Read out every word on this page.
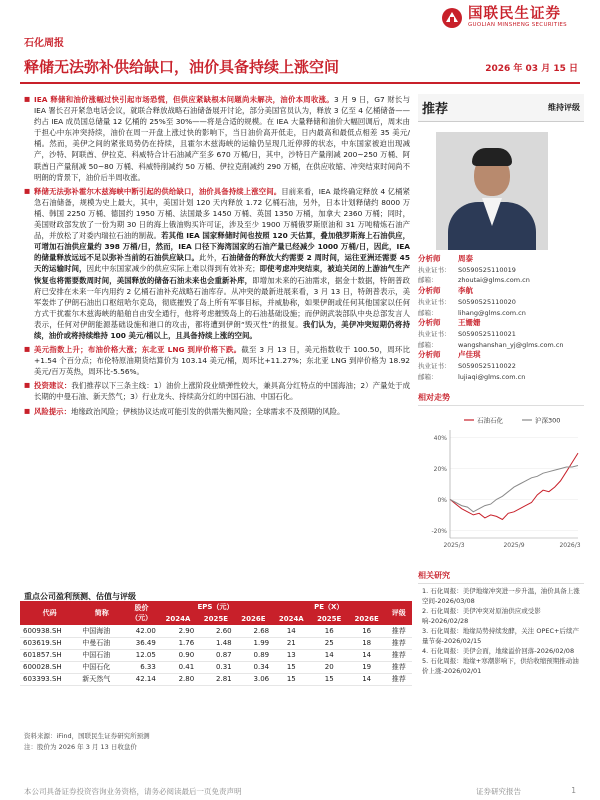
国联民生证券
GUOLIAN MINSHENG SECURITIES
石化周报
释储无法弥补供给缺口，油价具备持续上涨空间	2026 年 03 月 15 日

■ IEA 释储和油价涨幅过快引起市场恐慌，但供应紧缺根本问题尚未解决，油价本周收涨。3 月 9 日，G7 财长与 IEA 署长召开紧急电话会议，就联合释放战略石油储备展开讨论，部分美国官员认为，释放 3 亿至 4 亿桶储备——约占 IEA 成员国总储量 12 亿桶的 25%至 30%——将是合适的规模。在 IEA 大量释储和油价大幅回调后，周末由于担心中东冲突持续，油价在周一开盘上涨过快的影响下，当日油价高开低走，日内最高和最低点相差 35 美元/桶。然而，美伊之间的紧张局势仍在持续，且霍尔木兹海峡的运输仍呈现几近停滞的状态，中东国家被迫出现减产，沙特、阿联酋、伊拉克、科威特合计石油减产至多 670 万桶/日，其中，沙特日产量削减 200~250 万桶、阿联酋日产量削减 50~80 万桶、科威特削减约 50 万桶、伊拉克削减约 290 万桶，在供应收缩、冲突结束时间尚不明朗的背景下，油价后半周收涨。

■ 释储无法弥补霍尔木兹海峡中断引起的供给缺口，油价具备持续上涨空间。目前来看，IEA 最终确定释放 4 亿桶紧急石油储备，规模为史上最大，其中，美国计划 120 天内释放 1.72 亿桶石油，另外，日本计划释储约 8000 万桶、韩国 2250 万桶、德国约 1950 万桶、法国最多 1450 万桶、英国 1350 万桶，加拿大 2360 万桶；同时，美国财政部发放了一份为期 30 日的海上俄油购买许可证，涉及至少 1900 万桶俄罗斯原油和 31 万吨精炼石油产品，并放松了对委内瑞拉石油的制裁。若其他 IEA 国家释储时间也按照 120 天估算，叠加俄罗斯海上石油供应，可增加石油供应量约 398 万桶/日，然而，IEA 口径下海湾国家的石油产量已经减少 1000 万桶/日，因此，IEA 的储量释放远远不足以弥补当前的石油供应缺口。此外，石油储备的释放大约需要 2 周时间，运往亚洲还需要 45 天的运输时间，因此中东国家减少的供应实际上难以得到有效补充；即使考虑冲突结束，被迫关闭的上游油气生产恢复也将需要数周时间，美国释放的储备石油未来也会重新补库，即增加未来的石油需求，据金十数据，特朗普政府已安排在未来一年内用约 2 亿桶石油补充战略石油库存。从冲突的最新进展来看，3 月 13 日，特朗普表示，美军轰炸了伊朗石油出口枢纽哈尔克岛，彻底摧毁了岛上所有军事目标，并威胁称，如果伊朗或任何其他国家以任何方式干扰霍尔木兹海峡的船舶自由安全通行，他将考虑摧毁岛上的石油基础设施；而伊朗武装部队中央总部发言人表示，任何对伊朗能源基础设施和港口的攻击，都将遭到伊朗“毁灭性”的报复。我们认为，美伊冲突短期仍将持续，油价或将持续维持 100 美元/桶以上，且具备持续上涨的空间。

■ 美元指数上升；布油价格大涨；东北亚 LNG 到岸价格下跌。截至 3 月 13 日，美元指数收于 100.50，周环比+1.54 个百分点；布伦特原油期货结算价为 103.14 美元/桶，周环比+11.27%；东北亚 LNG 到岸价格为 18.92 美元/百万英热，周环比-5.56%。

■ 投资建议：我们推荐以下三条主线：1）油价上涨阶段业绩弹性较大，兼具高分红特点的中国海油；2）产量处于成长期的中曼石油、新天然气；3）行业龙头、持续高分红的中国石油、中国石化。

■ 风险提示：地缘政治风险；伊核协议达成可能引发的供需失衡风险；全球需求不及预期的风险。

重点公司盈利预测、估值与评级
代码	简称	股价
（元）	EPS（元）			PE（X）			评级
			2024A	2025E	2026E	2024A	2025E	2026E	
600938.SH	中国海油	42.00	2.90	2.60	2.68	14	16	16	推荐
603619.SH	中曼石油	36.49	1.76	1.48	1.99	21	25	18	推荐
601857.SH	中国石油	12.05	0.90	0.87	0.89	13	14	14	推荐
600028.SH	中国石化	6.33	0.41	0.31	0.34	15	20	19	推荐
603393.SH	新天然气	42.14	2.80	2.81	3.06	15	15	14	推荐
资料来源：iFind，国联民生证券研究所预测
注：股价为 2026 年 3 月 13 日收盘价
推荐	维持评级
分析师	周泰
执业证书：	S0590525110019
邮箱：	zhoutai@glms.com.cn
分析师	李航
执业证书：	S0590525110020
邮箱：	lihang@glms.com.cn
分析师	王姗姗
执业证书：	S0590525110021
邮箱：	wangshanshan_yj@glms.com.cn
分析师	卢佳琪
执业证书：	S0590525110022
邮箱：	lujiaqi@glms.com.cn
相对走势
40%
20%
0%
-20%
2025/3	2025/9	2026/3
石油石化	沪深300
相关研究
1. 石化周报：美伊地缘冲突进一步升温，油价具备上涨空间-2026/03/08
2. 石化周报：美伊冲突对原油供应或受影响-2026/02/28
3. 石化周报：地缘局势持续发酵，关注 OPEC+后续产量节奏-2026/02/15
4. 石化周报：美伊会面，地缘溢价回落-2026/02/08
5. 石化周报：地缘+寒潮影响下，供给收缩预期推动油价上涨-2026/02/01
本公司具备证券投资咨询业务资格，请务必阅读最后一页免责声明	证券研究报告	1
